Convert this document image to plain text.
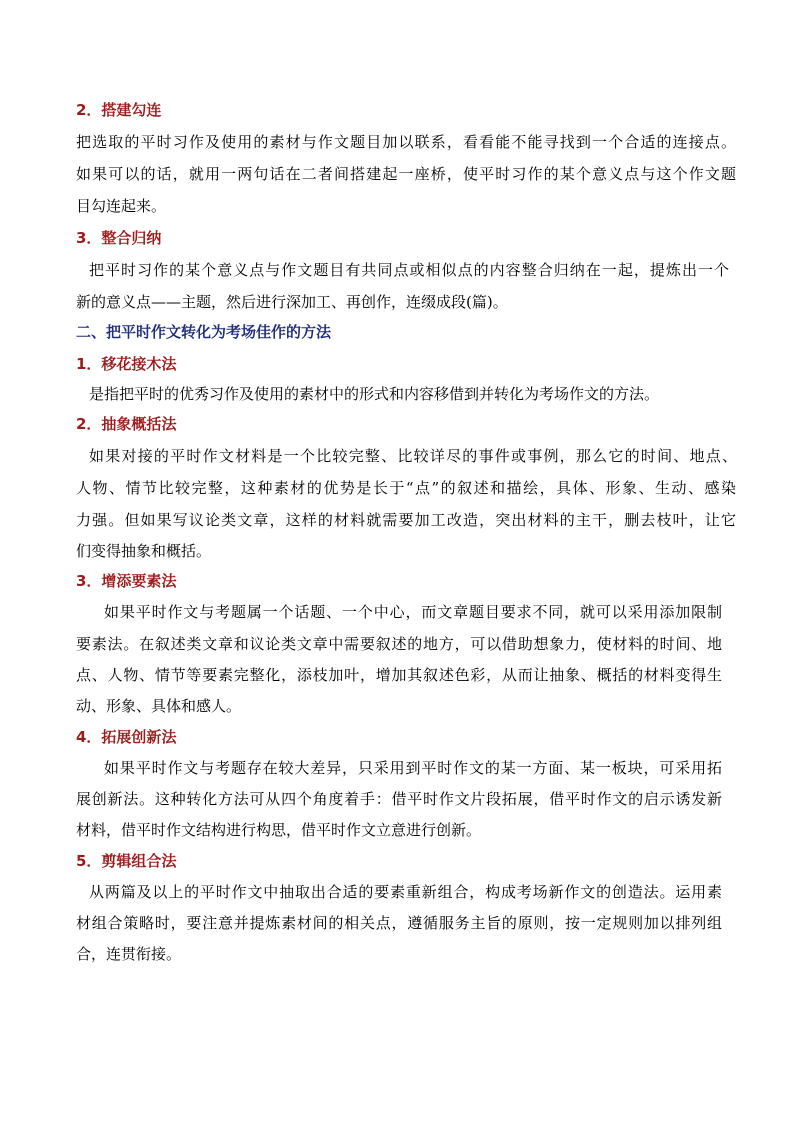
2．搭建勾连
把选取的平时习作及使用的素材与作文题目加以联系，看看能不能寻找到一个合适的连接点。
如果可以的话，就用一两句话在二者间搭建起一座桥，使平时习作的某个意义点与这个作文题
目勾连起来。
3．整合归纳
把平时习作的某个意义点与作文题目有共同点或相似点的内容整合归纳在一起，提炼出一个
新的意义点——主题，然后进行深加工、再创作，连缀成段(篇)。
二、把平时作文转化为考场佳作的方法
1．移花接木法
是指把平时的优秀习作及使用的素材中的形式和内容移借到并转化为考场作文的方法。
2．抽象概括法
如果对接的平时作文材料是一个比较完整、比较详尽的事件或事例，那么它的时间、地点、
人物、情节比较完整，这种素材的优势是长于“点”的叙述和描绘，具体、形象、生动、感染
力强。但如果写议论类文章，这样的材料就需要加工改造，突出材料的主干，删去枝叶，让它
们变得抽象和概括。
3．增添要素法
如果平时作文与考题属一个话题、一个中心，而文章题目要求不同，就可以采用添加限制
要素法。在叙述类文章和议论类文章中需要叙述的地方，可以借助想象力，使材料的时间、地
点、人物、情节等要素完整化，添枝加叶，增加其叙述色彩，从而让抽象、概括的材料变得生
动、形象、具体和感人。
4．拓展创新法
如果平时作文与考题存在较大差异，只采用到平时作文的某一方面、某一板块，可采用拓
展创新法。这种转化方法可从四个角度着手：借平时作文片段拓展，借平时作文的启示诱发新
材料，借平时作文结构进行构思，借平时作文立意进行创新。
5．剪辑组合法
从两篇及以上的平时作文中抽取出合适的要素重新组合，构成考场新作文的创造法。运用素
材组合策略时，要注意并提炼素材间的相关点，遵循服务主旨的原则，按一定规则加以排列组
合，连贯衔接。
